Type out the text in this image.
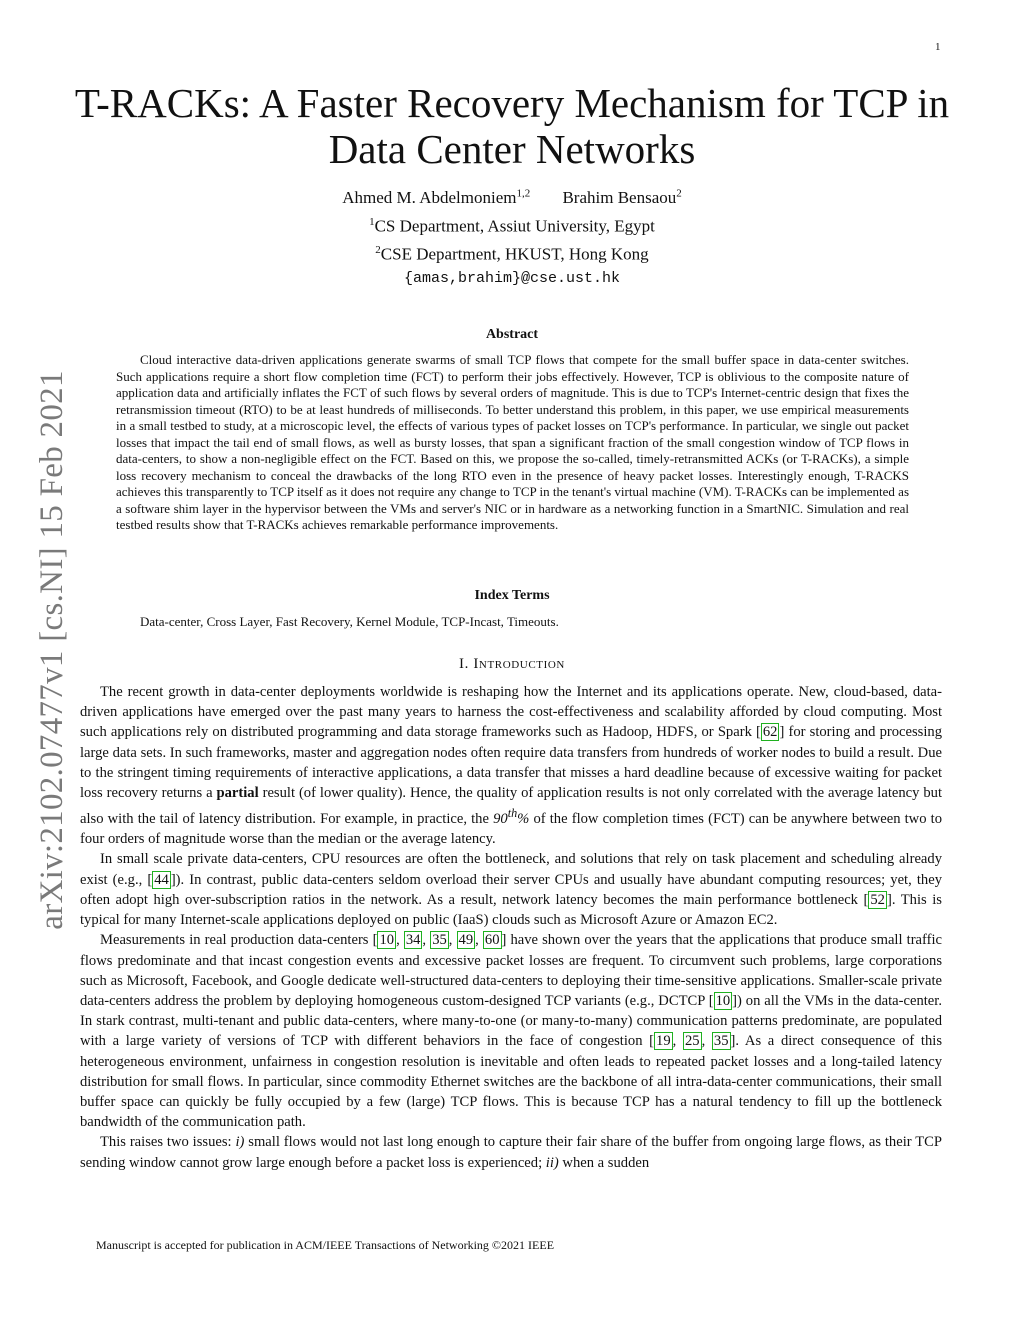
1
arXiv:2102.07477v1 [cs.NI] 15 Feb 2021
T-RACKs: A Faster Recovery Mechanism for TCP in Data Center Networks
Ahmed M. Abdelmoniem$^{1,2}$ Brahim Bensaou$^2$
$^1$CS Department, Assiut University, Egypt
$^2$CSE Department, HKUST, Hong Kong
{amas,brahim}@cse.ust.hk
Abstract

Cloud interactive data-driven applications generate swarms of small TCP flows that compete for the small buffer space in data-center switches. Such applications require a short flow completion time (FCT) to perform their jobs effectively. However, TCP is oblivious to the composite nature of application data and artificially inflates the FCT of such flows by several orders of magnitude. This is due to TCP's Internet-centric design that fixes the retransmission timeout (RTO) to be at least hundreds of milliseconds. To better understand this problem, in this paper, we use empirical measurements in a small testbed to study, at a microscopic level, the effects of various types of packet losses on TCP's performance. In particular, we single out packet losses that impact the tail end of small flows, as well as bursty losses, that span a significant fraction of the small congestion window of TCP flows in data-centers, to show a non-negligible effect on the FCT. Based on this, we propose the so-called, timely-retransmitted ACKs (or T-RACKs), a simple loss recovery mechanism to conceal the drawbacks of the long RTO even in the presence of heavy packet losses. Interestingly enough, T-RACKS achieves this transparently to TCP itself as it does not require any change to TCP in the tenant's virtual machine (VM). T-RACKs can be implemented as a software shim layer in the hypervisor between the VMs and server's NIC or in hardware as a networking function in a SmartNIC. Simulation and real testbed results show that T-RACKs achieves remarkable performance improvements.

Index Terms

Data-center, Cross Layer, Fast Recovery, Kernel Module, TCP-Incast, Timeouts.

I. Introduction

The recent growth in data-center deployments worldwide is reshaping how the Internet and its applications operate. New, cloud-based, data-driven applications have emerged over the past many years to harness the cost-effectiveness and scalability afforded by cloud computing. Most such applications rely on distributed programming and data storage frameworks such as Hadoop, HDFS, or Spark [ 62 ] for storing and processing large data sets. In such frameworks, master and aggregation nodes often require data transfers from hundreds of worker nodes to build a result. Due to the stringent timing requirements of interactive applications, a data transfer that misses a hard deadline because of excessive waiting for packet loss recovery returns a partial result (of lower quality). Hence, the quality of application results is not only correlated with the average latency but also with the tail of latency distribution. For example, in practice, the 90th% of the flow completion times (FCT) can be anywhere between two to four orders of magnitude worse than the median or the average latency.

In small scale private data-centers, CPU resources are often the bottleneck, and solutions that rely on task placement and scheduling already exist (e.g., [ 44 ]). In contrast, public data-centers seldom overload their server CPUs and usually have abundant computing resources; yet, they often adopt high over-subscription ratios in the network. As a result, network latency becomes the main performance bottleneck [ 52 ]. This is typical for many Internet-scale applications deployed on public (IaaS) clouds such as Microsoft Azure or Amazon EC2.

Measurements in real production data-centers [ 10 , 34 , 35 , 49 , 60 ] have shown over the years that the applications that produce small traffic flows predominate and that incast congestion events and excessive packet losses are frequent. To circumvent such problems, large corporations such as Microsoft, Facebook, and Google dedicate well-structured data-centers to deploying their time-sensitive applications. Smaller-scale private data-centers address the problem by deploying homogeneous custom-designed TCP variants (e.g., DCTCP [ 10 ]) on all the VMs in the data-center. In stark contrast, multi-tenant and public data-centers, where many-to-one (or many-to-many) communication patterns predominate, are populated with a large variety of versions of TCP with different behaviors in the face of congestion [ 19 , 25 , 35 ]. As a direct consequence of this heterogeneous environment, unfairness in congestion resolution is inevitable and often leads to repeated packet losses and a long-tailed latency distribution for small flows. In particular, since commodity Ethernet switches are the backbone of all intra-data-center communications, their small buffer space can quickly be fully occupied by a few (large) TCP flows. This is because TCP has a natural tendency to fill up the bottleneck bandwidth of the communication path.

This raises two issues: i) small flows would not last long enough to capture their fair share of the buffer from ongoing large flows, as their TCP sending window cannot grow large enough before a packet loss is experienced; ii) when a sudden

Manuscript is accepted for publication in ACM/IEEE Transactions of Networking ©2021 IEEE
